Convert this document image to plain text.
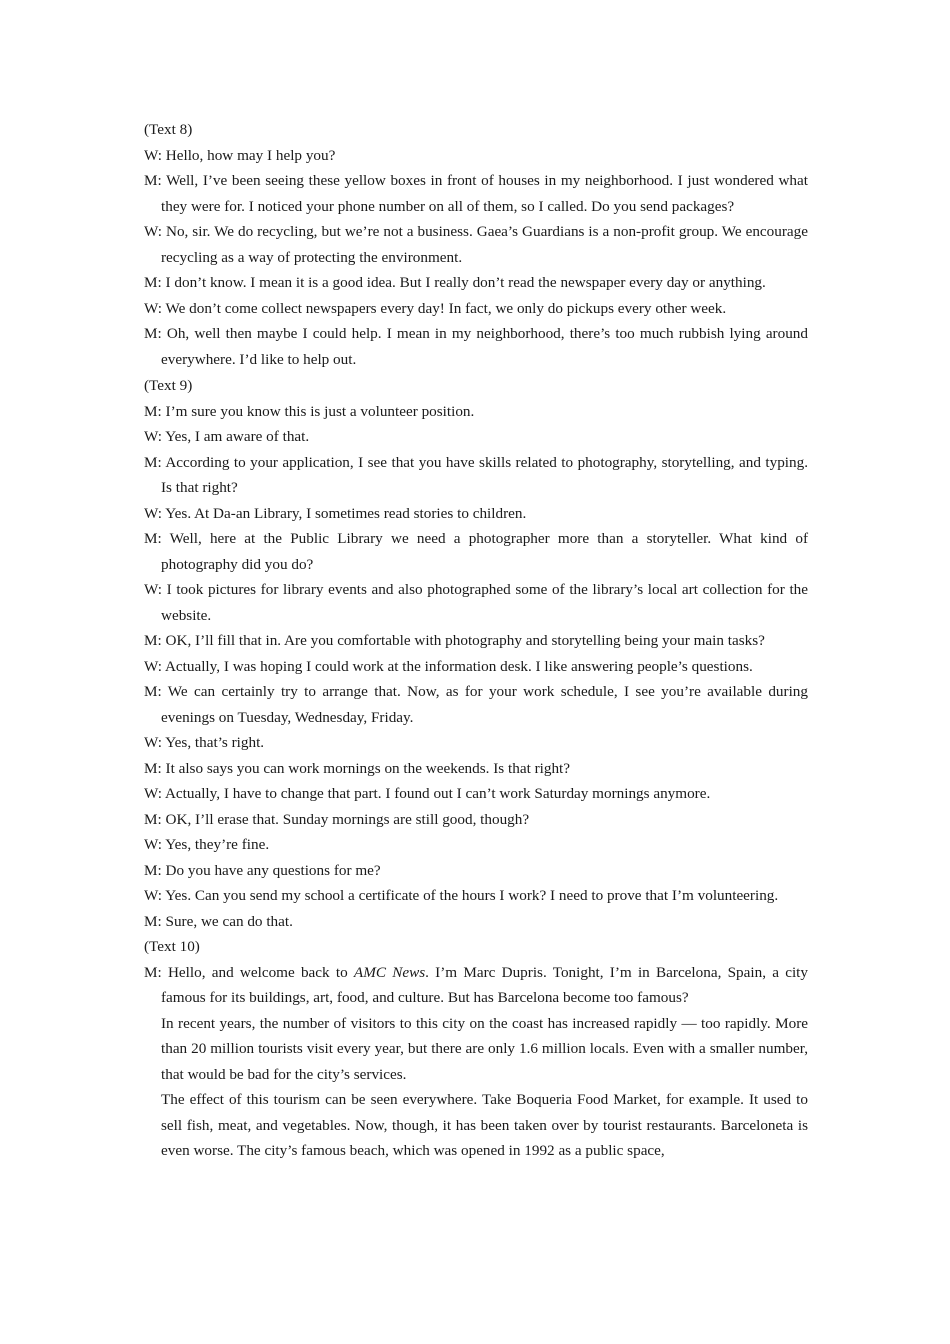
(Text 8)

W: Hello, how may I help you?

M: Well, I’ve been seeing these yellow boxes in front of houses in my neighborhood. I just wondered what they were for. I noticed your phone number on all of them, so I called. Do you send packages?

W: No, sir. We do recycling, but we’re not a business. Gaea’s Guardians is a non-profit group. We encourage recycling as a way of protecting the environment.

M: I don’t know. I mean it is a good idea. But I really don’t read the newspaper every day or anything.

W: We don’t come collect newspapers every day! In fact, we only do pickups every other week.

M: Oh, well then maybe I could help. I mean in my neighborhood, there’s too much rubbish lying around everywhere. I’d like to help out.

(Text 9)

M: I’m sure you know this is just a volunteer position.

W: Yes, I am aware of that.

M: According to your application, I see that you have skills related to photography, storytelling, and typing. Is that right?

W: Yes. At Da-an Library, I sometimes read stories to children.

M: Well, here at the Public Library we need a photographer more than a storyteller. What kind of photography did you do?

W: I took pictures for library events and also photographed some of the library’s local art collection for the website.

M: OK, I’ll fill that in. Are you comfortable with photography and storytelling being your main tasks?

W: Actually, I was hoping I could work at the information desk. I like answering people’s questions.

M: We can certainly try to arrange that. Now, as for your work schedule, I see you’re available during evenings on Tuesday, Wednesday, Friday.

W: Yes, that’s right.

M: It also says you can work mornings on the weekends. Is that right?

W: Actually, I have to change that part. I found out I can’t work Saturday mornings anymore.

M: OK, I’ll erase that. Sunday mornings are still good, though?

W: Yes, they’re fine.

M: Do you have any questions for me?

W: Yes. Can you send my school a certificate of the hours I work? I need to prove that I’m volunteering.

M: Sure, we can do that.

(Text 10)

M: Hello, and welcome back to AMC News. I’m Marc Dupris. Tonight, I’m in Barcelona, Spain, a city famous for its buildings, art, food, and culture. But has Barcelona become too famous?

In recent years, the number of visitors to this city on the coast has increased rapidly — too rapidly. More than 20 million tourists visit every year, but there are only 1.6 million locals. Even with a smaller number, that would be bad for the city’s services.

The effect of this tourism can be seen everywhere. Take Boqueria Food Market, for example. It used to sell fish, meat, and vegetables. Now, though, it has been taken over by tourist restaurants. Barceloneta is even worse. The city’s famous beach, which was opened in 1992 as a public space,
